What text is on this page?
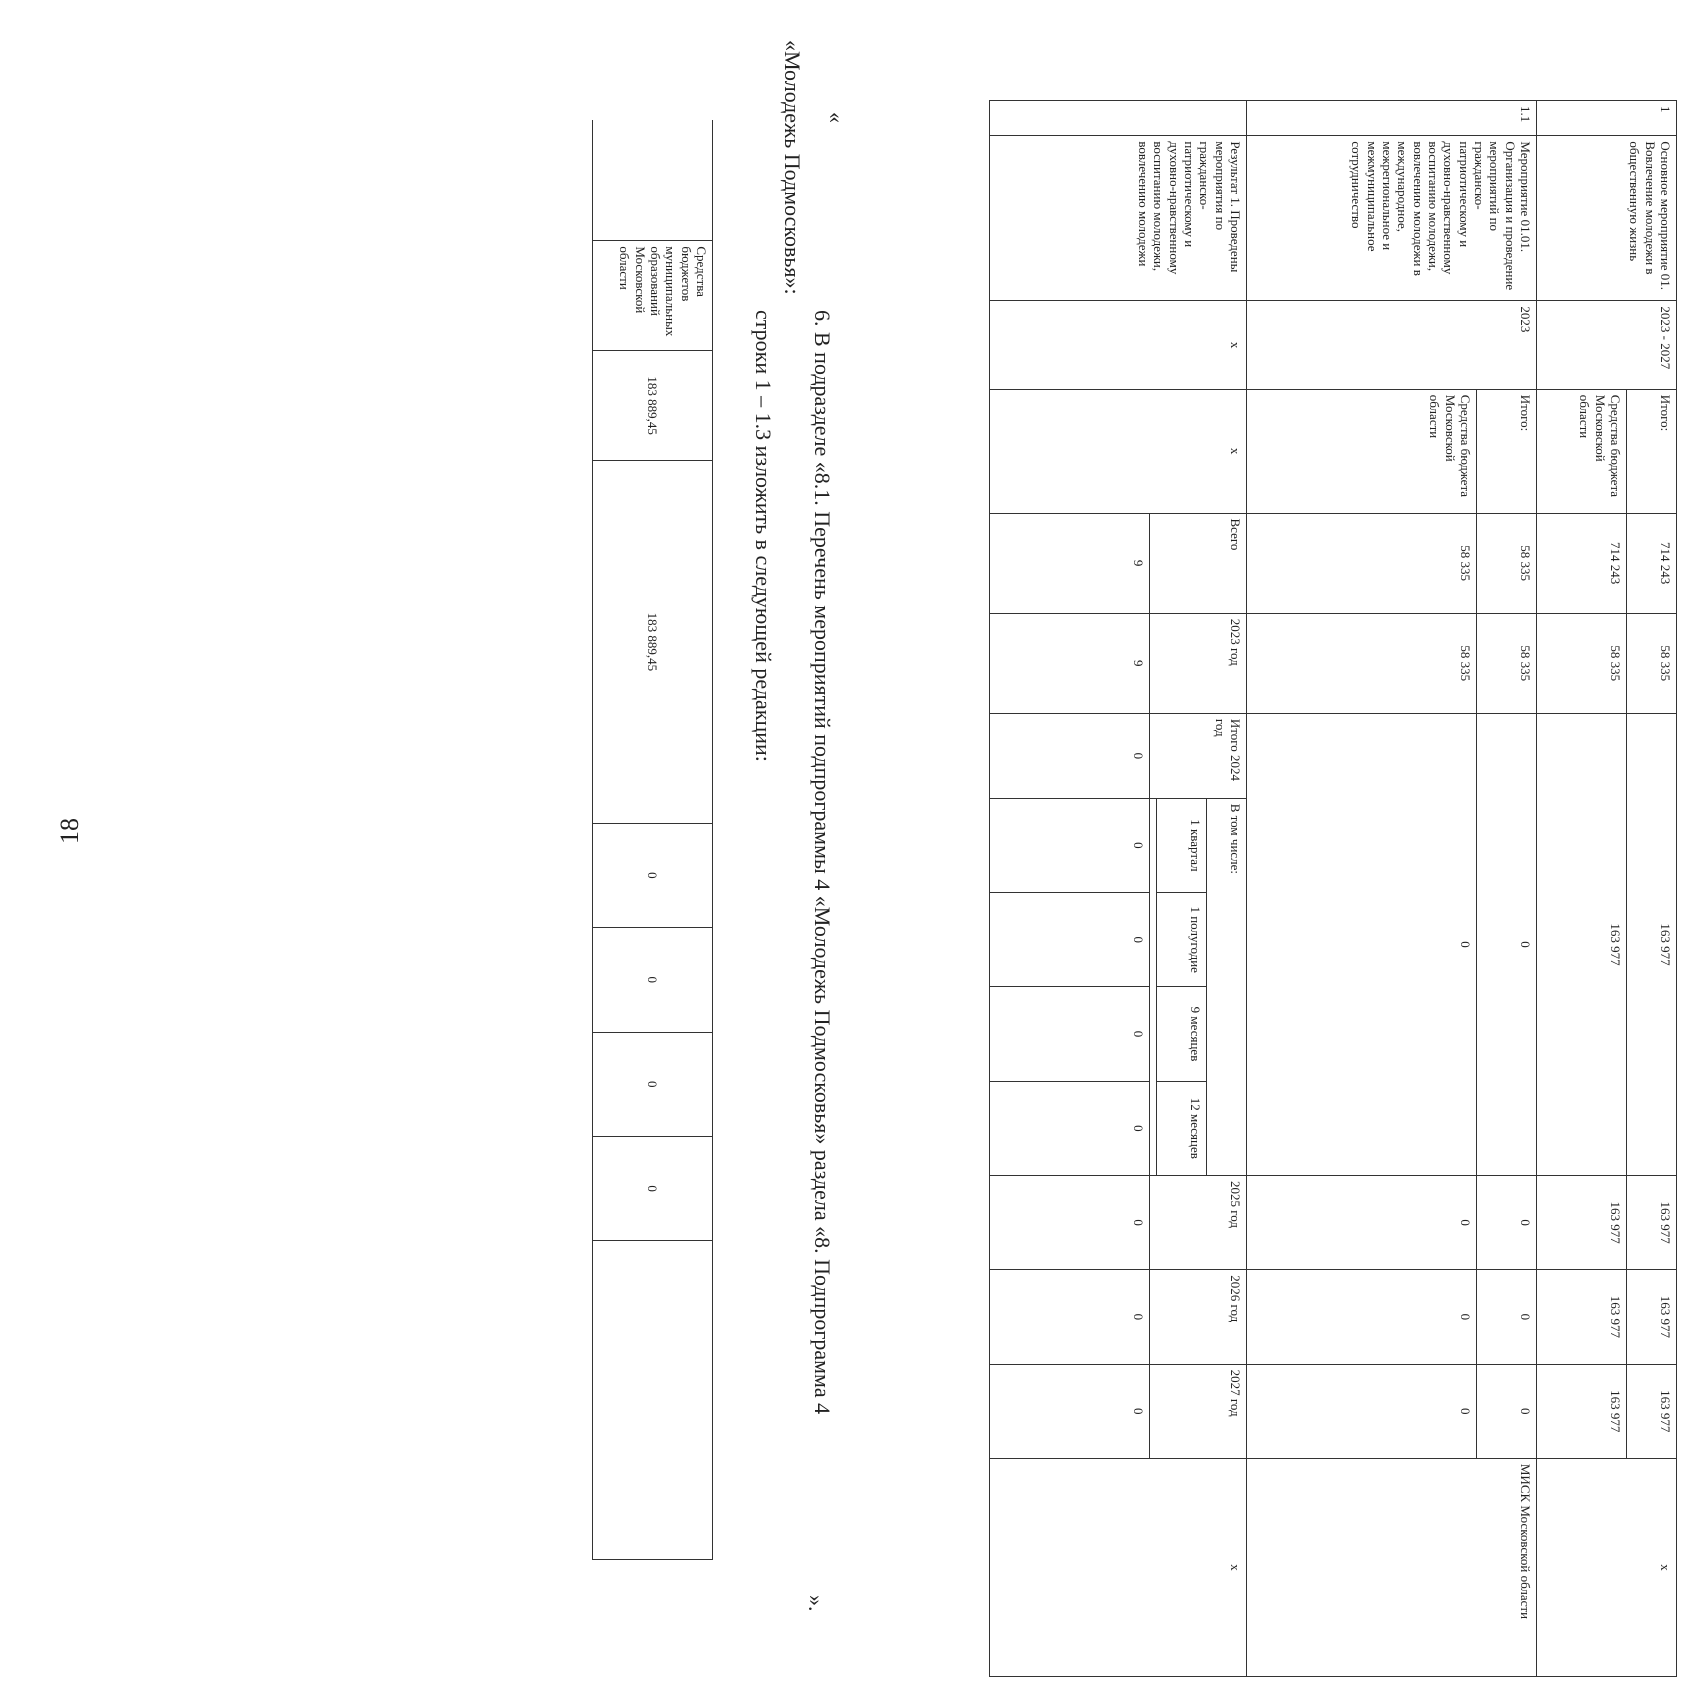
18
	Средства бюджетов муниципальных образований Московской области	183 889,45	183 889,45	0	0	0	0		6. В подразделе «8.1. Перечень мероприятий подпрограммы 4 «Молодежь Подмосковья» раздела «8. Подпрограмма 4
«Молодежь Подмосковья»:
строки 1 – 1.3 изложить в следующей редакции:
«
1	Основное мероприятие 01. Вовлечение молодежи в общественную жизнь	2023 - 2027	Итого:	714 243	58 335	163 977					163 977	163 977	163 977	x
			Средства бюджета Московской области	714 243	58 335	163 977					163 977	163 977	163 977	
1.1	Мероприятие 01.01. Организация и проведение мероприятий по гражданско-патриотическому и духовно-нравственному воспитанию молодежи, вовлечению молодежи в международное, межрегиональное и межмуниципальное сотрудничество	2023	Итого:	58 335	58 335	0					0	0	0	МИСК Московской области
			Средства бюджета Московской области	58 335	58 335	0					0	0	0	
	Результат 1. Проведены мероприятия по гражданско-патриотическому и духовно-нравственному воспитанию молодежи, вовлечению молодежи	x	x	Всего	2023 год	Итого 2024 год	В том числе:				2025 год	2026 год	2027 год	x
							1 квартал	1 полугодие	9 месяцев	12 месяцев				

				9	9	0	0	0	0	0	0	0	0	
».
